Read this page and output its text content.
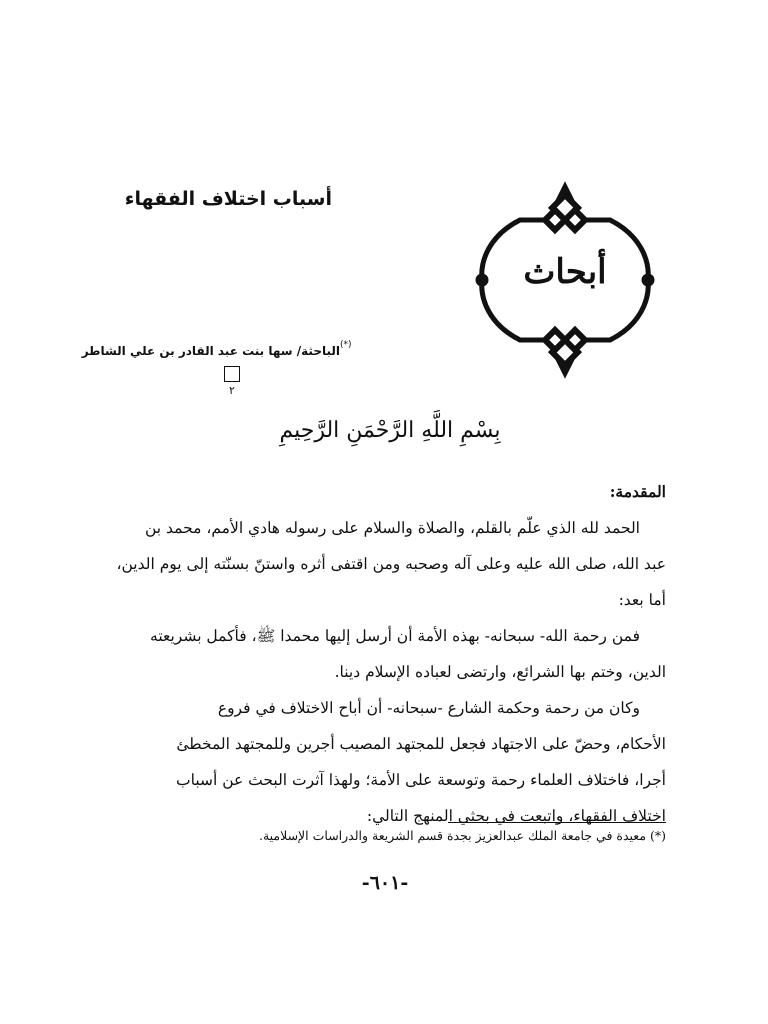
أسباب اختلاف الفقهاء
أبحاث
الباحثة/ سها بنت عبد القادر بن علي الشاطر (*)
٢
بِسْمِ اللَّهِ الرَّحْمَنِ الرَّحِيمِ
المقدمة:
الحمد لله الذي علّم بالقلم، والصلاة والسلام على رسوله هادي الأمم، محمد بن
عبد الله، صلى الله عليه وعلى آله وصحبه ومن اقتفى أثره واستنّ بسنّته إلى يوم الدين،
أما بعد:
فمن رحمة الله- سبحانه- بهذه الأمة أن أرسل إليها محمدا ﷺ، فأكمل بشريعته
الدين، وختم بها الشرائع، وارتضى لعباده الإسلام دينا.
وكان من رحمة وحكمة الشارع -سبحانه- أن أباح الاختلاف في فروع
الأحكام، وحضّ على الاجتهاد فجعل للمجتهد المصيب أجرين وللمجتهد المخطئ
أجرا، فاختلاف العلماء رحمة وتوسعة على الأمة؛ ولهذا آثرت البحث عن أسباب
اختلاف الفقهاء، واتبعت في بحثي المنهج التالي:
(*) معيدة في جامعة الملك عبدالعزيز بجدة قسم الشريعة والدراسات الإسلامية.
-٦٠١-
